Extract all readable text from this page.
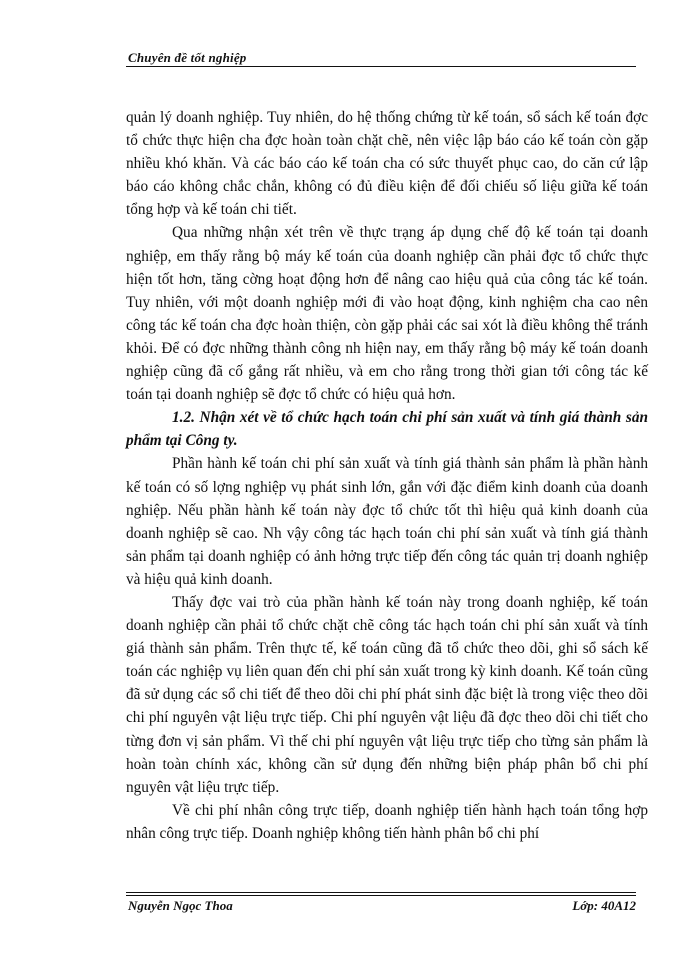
Chuyên đề tốt nghiệp

quản lý doanh nghiệp. Tuy nhiên, do hệ thống chứng từ kế toán, sổ sách kế toán đợc tổ chức thực hiện cha đợc hoàn toàn chặt chẽ, nên việc lập báo cáo kế toán còn gặp nhiều khó khăn. Và các báo cáo kế toán cha có sức thuyết phục cao, do căn cứ lập báo cáo không chắc chắn, không có đủ điều kiện để đối chiếu số liệu giữa kế toán tổng hợp và kế toán chi tiết.

Qua những nhận xét trên về thực trạng áp dụng chế độ kế toán tại doanh nghiệp, em thấy rằng bộ máy kế toán của doanh nghiệp cần phải đợc tổ chức thực hiện tốt hơn, tăng cờng hoạt động hơn để nâng cao hiệu quả của công tác kế toán. Tuy nhiên, với một doanh nghiệp mới đi vào hoạt động, kinh nghiệm cha cao nên công tác kế toán cha đợc hoàn thiện, còn gặp phải các sai xót là điều không thể tránh khỏi. Để có đợc những thành công nh hiện nay, em thấy rằng bộ máy kế toán doanh nghiệp cũng đã cố gắng rất nhiều, và em cho rằng trong thời gian tới công tác kế toán tại doanh nghiệp sẽ đợc tổ chức có hiệu quả hơn.

1.2. Nhận xét về tổ chức hạch toán chi phí sản xuất và tính giá thành sản phẩm tại Công ty.

Phần hành kế toán chi phí sản xuất và tính giá thành sản phẩm là phần hành kế toán có số lợng nghiệp vụ phát sinh lớn, gắn với đặc điểm kinh doanh của doanh nghiệp. Nếu phần hành kế toán này đợc tổ chức tốt thì hiệu quả kinh doanh của doanh nghiệp sẽ cao. Nh vậy công tác hạch toán chi phí sản xuất và tính giá thành sản phẩm tại doanh nghiệp có ảnh hởng trực tiếp đến công tác quản trị doanh nghiệp và hiệu quả kinh doanh.

Thấy đợc vai trò của phần hành kế toán này trong doanh nghiệp, kế toán doanh nghiệp cần phải tổ chức chặt chẽ công tác hạch toán chi phí sản xuất và tính giá thành sản phẩm. Trên thực tế, kế toán cũng đã tổ chức theo dõi, ghi sổ sách kế toán các nghiệp vụ liên quan đến chi phí sản xuất trong kỳ kinh doanh. Kế toán cũng đã sử dụng các sổ chi tiết để theo dõi chi phí phát sinh đặc biệt là trong việc theo dõi chi phí nguyên vật liệu trực tiếp. Chi phí nguyên vật liệu đã đợc theo dõi chi tiết cho từng đơn vị sản phẩm. Vì thế chi phí nguyên vật liệu trực tiếp cho từng sản phẩm là hoàn toàn chính xác, không cần sử dụng đến những biện pháp phân bổ chi phí nguyên vật liệu trực tiếp.

Về chi phí nhân công trực tiếp, doanh nghiệp tiến hành hạch toán tổng hợp nhân công trực tiếp. Doanh nghiệp không tiến hành phân bổ chi phí

Nguyễn Ngọc Thoa	Lớp: 40A12
